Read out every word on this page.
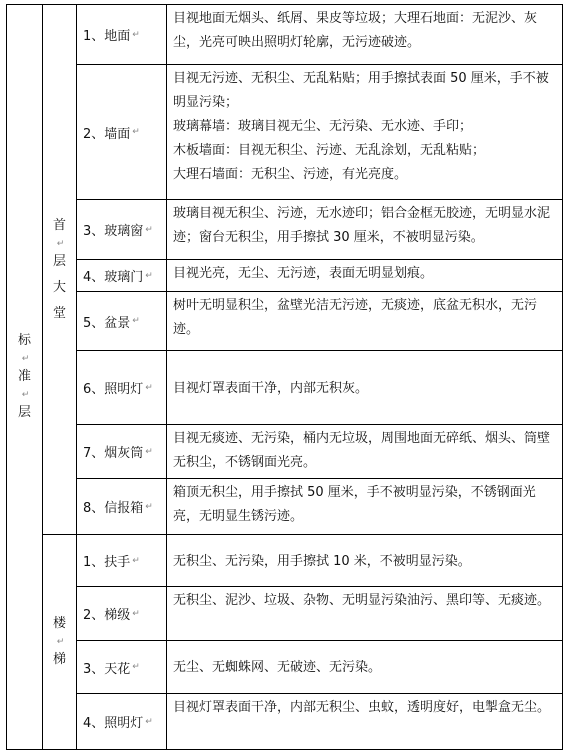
标
↵
准
↵
层
首
↵
层
大
堂
楼
↵
梯
1、地面 ↵

目视地面无烟头、纸屑、果皮等垃圾；大理石地面：无泥沙、灰尘，光亮可映出照明灯轮廓，无污迹破迹。

2、墙面 ↵

目视无污迹、无积尘、无乱粘贴；用手擦拭表面 50 厘米，手不被明显污染；

玻璃幕墙：玻璃目视无尘、无污染、无水迹、手印；

木板墙面：目视无积尘、污迹、无乱涂划，无乱粘贴；

大理石墙面：无积尘、污迹，有光亮度。

3、玻璃窗 ↵

玻璃目视无积尘、污迹，无水迹印；铝合金框无胶迹，无明显水泥迹；窗台无积尘，用手擦拭 30 厘米，不被明显污染。

4、玻璃门 ↵ 目视光亮，无尘、无污迹，表面无明显划痕。

5、盆景 ↵

树叶无明显积尘，盆壁光洁无污迹，无痰迹，底盆无积水，无污迹。

6、照明灯 ↵ 目视灯罩表面干净，内部无积灰。

7、烟灰筒 ↵

目视无痰迹、无污染，桶内无垃圾，周围地面无碎纸、烟头、筒壁无积尘，不锈钢面光亮。

8、信报箱 ↵

箱顶无积尘，用手擦拭 50 厘米，手不被明显污染，不锈钢面光亮，无明显生锈污迹。

1、扶手 ↵	无积尘、无污染，用手擦拭 10 米，不被明显污染。

2、梯级 ↵

无积尘、泥沙、垃圾、杂物、无明显污染油污、黑印等、无痰迹。

3、天花 ↵	无尘、无蜘蛛网、无破迹、无污染。

4、照明灯 ↵

目视灯罩表面干净，内部无积尘、虫蚊，透明度好，电掣盒无尘。
